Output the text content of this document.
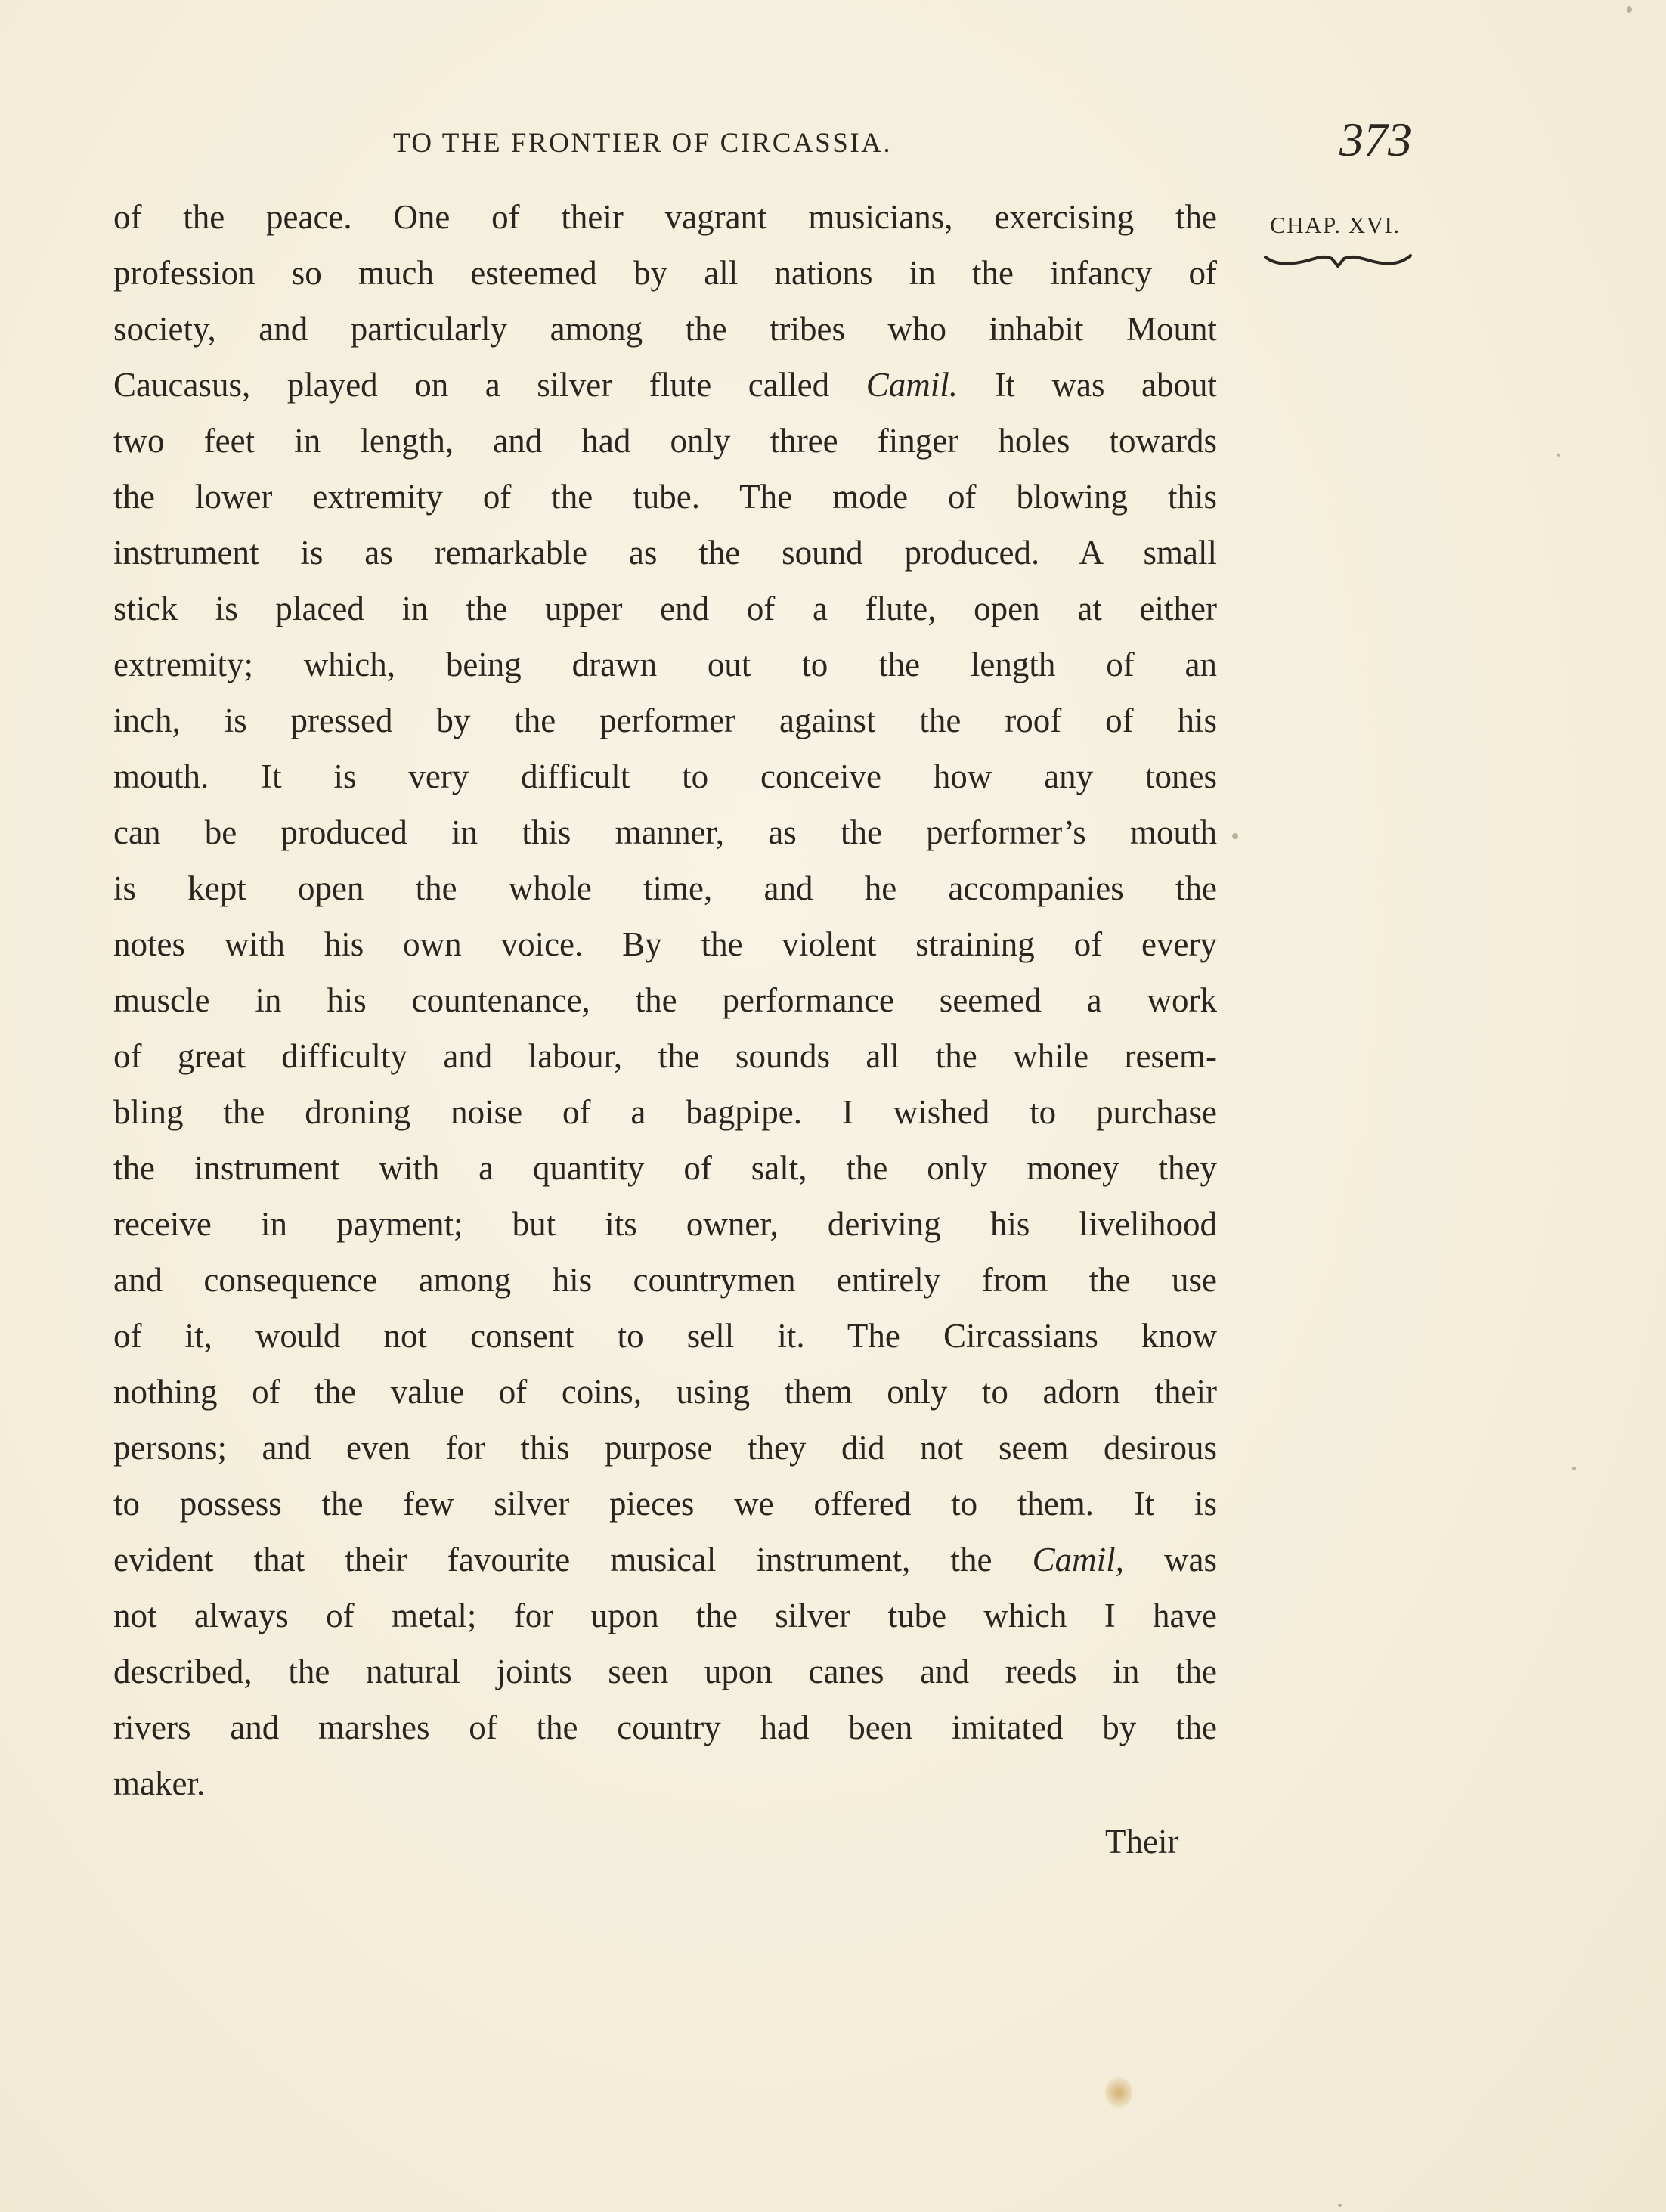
TO THE FRONTIER OF CIRCASSIA.	373
CHAP. XVI.
of the peace. One of their vagrant musicians, exercising the
profession so much esteemed by all nations in the infancy of
society, and particularly among the tribes who inhabit Mount
Caucasus, played on a silver flute called Camil. It was about
two feet in length, and had only three finger holes towards
the lower extremity of the tube. The mode of blowing this
instrument is as remarkable as the sound produced. A small
stick is placed in the upper end of a flute, open at either
extremity; which, being drawn out to the length of an
inch, is pressed by the performer against the roof of his
mouth. It is very difficult to conceive how any tones
can be produced in this manner, as the performer’s mouth
is kept open the whole time, and he accompanies the
notes with his own voice. By the violent straining of every
muscle in his countenance, the performance seemed a work
of great difficulty and labour, the sounds all the while resem-
bling the droning noise of a bagpipe. I wished to purchase
the instrument with a quantity of salt, the only money they
receive in payment; but its owner, deriving his livelihood
and consequence among his countrymen entirely from the use
of it, would not consent to sell it. The Circassians know
nothing of the value of coins, using them only to adorn their
persons; and even for this purpose they did not seem desirous
to possess the few silver pieces we offered to them. It is
evident that their favourite musical instrument, the Camil, was
not always of metal; for upon the silver tube which I have
described, the natural joints seen upon canes and reeds in the
rivers and marshes of the country had been imitated by the
maker.
Their
